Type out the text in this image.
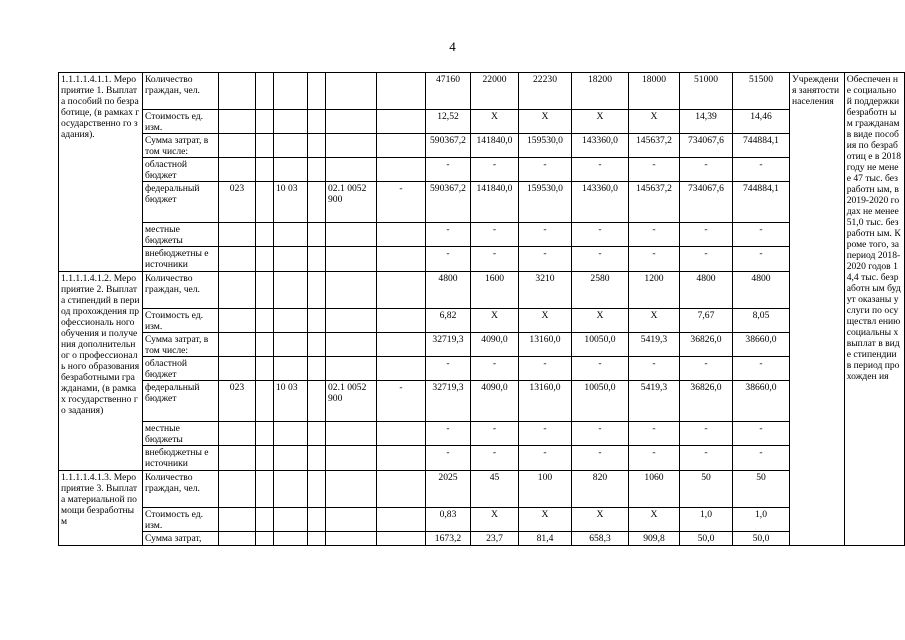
4
1.1.1.1.4.1.1. Мероприятие 1. Выплата пособий по безработице, (в рамках государственно го задания).	Количество граждан, чел.							47160	22000	22230	18200	18000	51000	51500	Учреждени я занятости населения	Обеспечен не социально й поддержки безработн ым гражданам в виде пособия по безработиц е в 2018 году не менее 47 тыс. безработн ым, в 2019-2020 годах не менее 51,0 тыс. безработн ым. Кроме того, за период 2018-2020 годов 14,4 тыс. безработн ым будут оказаны услуги по осуществл ению социальны х выплат в виде стипендии в период прохожден ия
	Стоимость ед. изм.							12,52	Х	Х	Х	Х	14,39	14,46		
	Сумма затрат, в том числе:							590367,2	141840,0	159530,0	143360,0	145637,2	734067,6	744884,1		
	областной бюджет							-	-	-	-	-	-	-		
	федеральный бюджет	023		10 03		02.1 0052 900	-	590367,2	141840,0	159530,0	143360,0	145637,2	734067,6	744884,1		
	местные бюджеты							-	-	-	-	-	-	-		
	внебюджетны е источники							-	-	-	-	-	-	-		
1.1.1.1.4.1.2. Мероприятие 2. Выплата стипендий в период прохождения профессиональ ного обучения и получения дополнительног о профессиональ ного образования безработными гражданами, (в рамках государственно го задания)	Количество граждан, чел.							4800	1600	3210	2580	1200	4800	4800		
	Стоимость ед. изм.							6,82	Х	Х	Х	Х	7,67	8,05		
	Сумма затрат, в том числе:							32719,3	4090,0	13160,0	10050,0	5419,3	36826,0	38660,0		
	областной бюджет							-	-	-	-	-	-	-		
	федеральный бюджет	023		10 03		02.1 0052 900	-	32719,3	4090,0	13160,0	10050,0	5419,3	36826,0	38660,0		
	местные бюджеты							-	-	-	-	-	-	-		
	внебюджетны е источники							-	-	-	-	-	-	-		
1.1.1.1.4.1.3. Мероприятие 3. Выплата материальной помощи безработным	Количество граждан, чел.							2025	45	100	820	1060	50	50		
	Стоимость ед. изм.							0,83	Х	Х	Х	Х	1,0	1,0		

	Сумма затрат,							1673,2	23,7	81,4	658,3	909,8	50,0	50,0		
